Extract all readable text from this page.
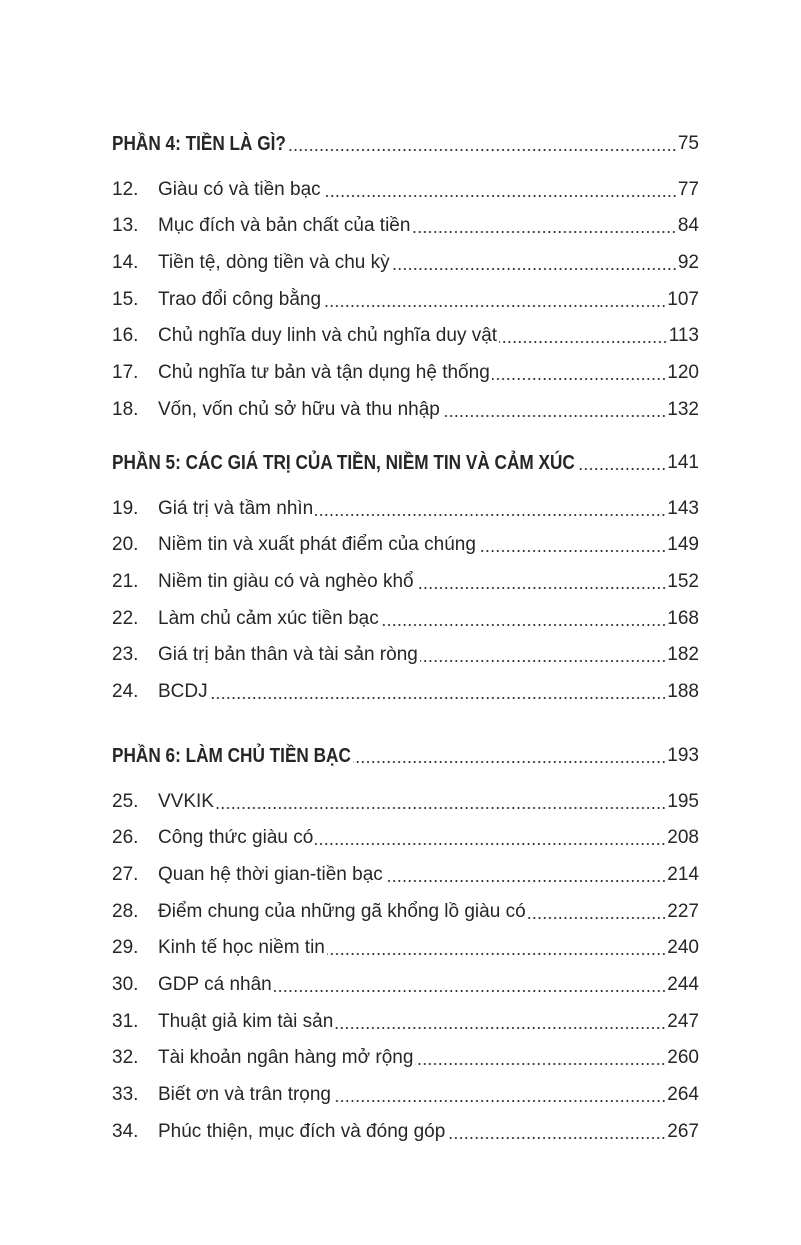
PHẦN 4: TIỀN LÀ GÌ?	75
12.	Giàu có và tiền bạc	77
13.	Mục đích và bản chất của tiền	84
14.	Tiền tệ, dòng tiền và chu kỳ	92
15.	Trao đổi công bằng	107
16.	Chủ nghĩa duy linh và chủ nghĩa duy vật	113
17.	Chủ nghĩa tư bản và tận dụng hệ thống	120
18.	Vốn, vốn chủ sở hữu và thu nhập	132
PHẦN 5: CÁC GIÁ TRỊ CỦA TIỀN, NIỀM TIN VÀ CẢM XÚC	141
19.	Giá trị và tầm nhìn	143
20.	Niềm tin và xuất phát điểm của chúng	149
21.	Niềm tin giàu có và nghèo khổ	152
22.	Làm chủ cảm xúc tiền bạc	168
23.	Giá trị bản thân và tài sản ròng	182
24.	BCDJ	188
PHẦN 6: LÀM CHỦ TIỀN BẠC	193
25.	VVKIK	195
26.	Công thức giàu có	208
27.	Quan hệ thời gian-tiền bạc	214
28.	Điểm chung của những gã khổng lồ giàu có	227
29.	Kinh tế học niềm tin	240
30.	GDP cá nhân	244
31.	Thuật giả kim tài sản	247
32.	Tài khoản ngân hàng mở rộng	260
33.	Biết ơn và trân trọng	264
34.	Phúc thiện, mục đích và đóng góp	267
